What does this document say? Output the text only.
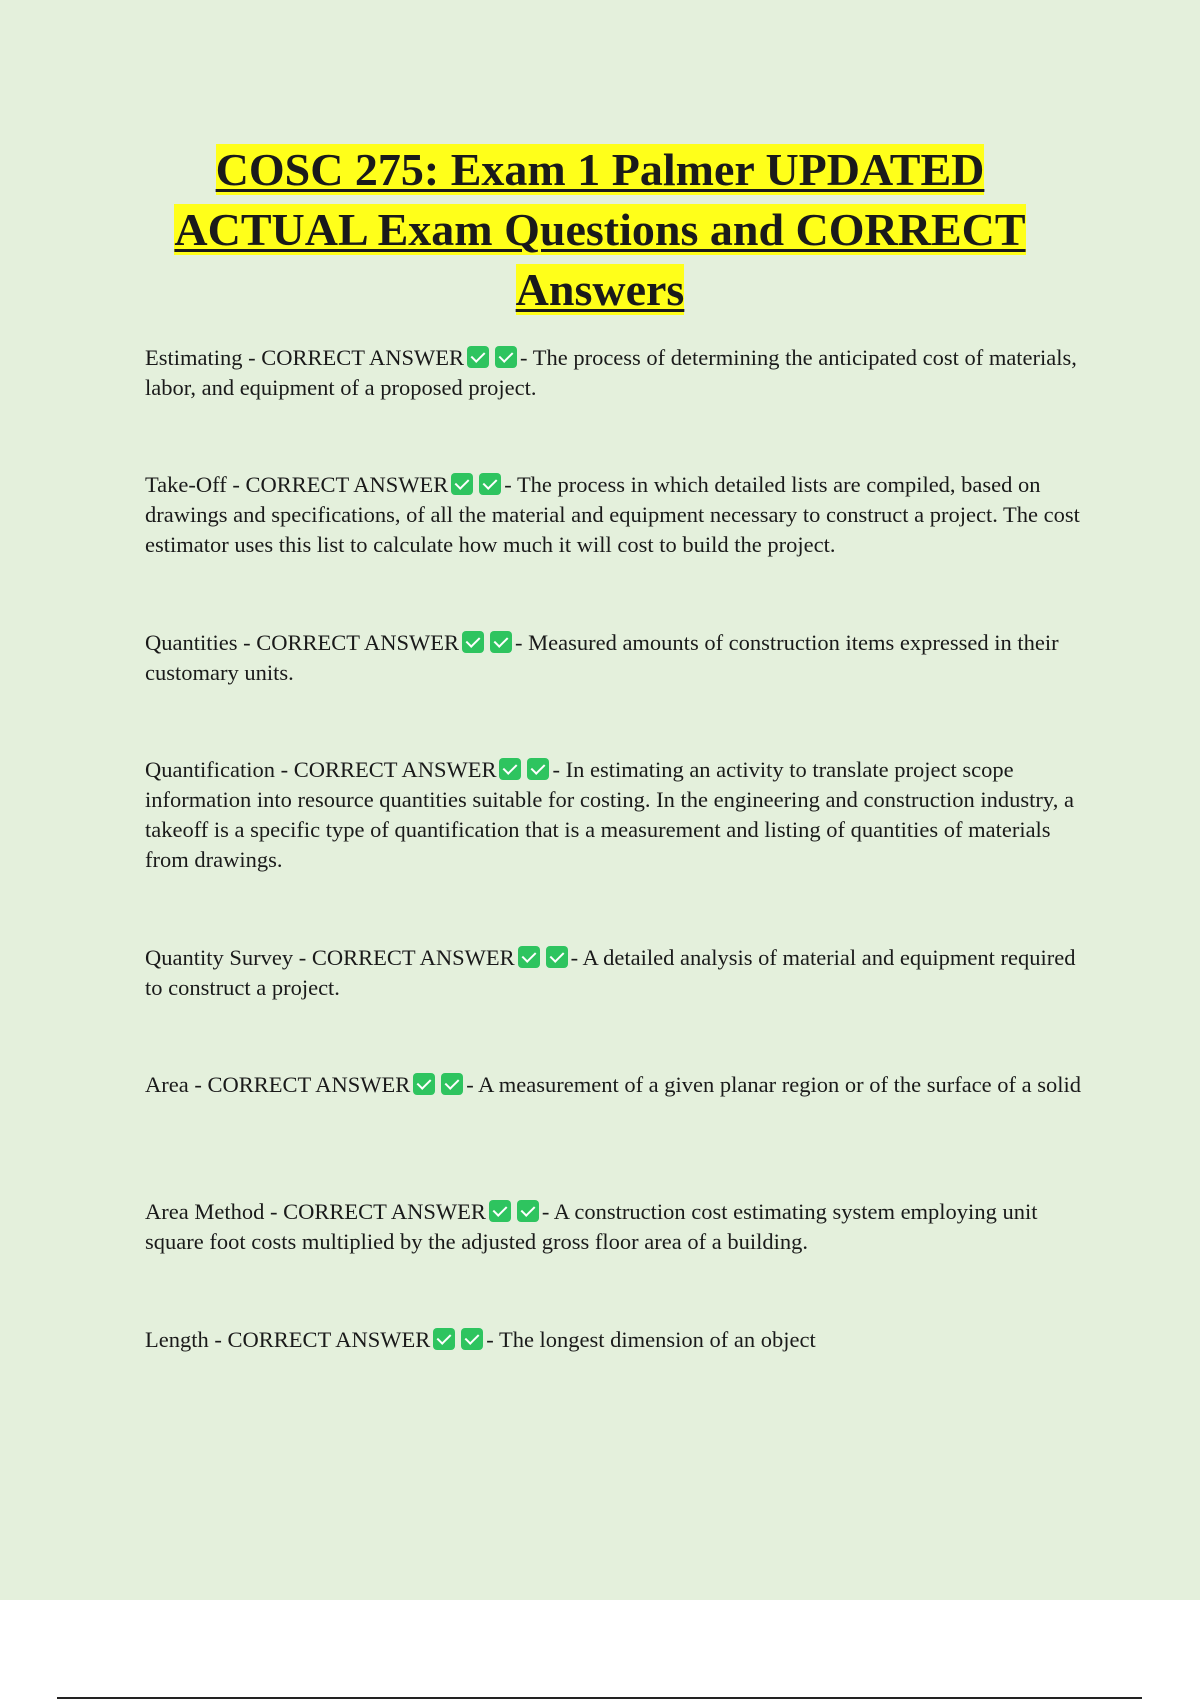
COSC 275: Exam 1 Palmer UPDATED
ACTUAL Exam Questions and CORRECT
Answers

Estimating - CORRECT ANSWER - The process of determining the anticipated cost of materials, labor, and equipment of a proposed project.

Take-Off - CORRECT ANSWER - The process in which detailed lists are compiled, based on drawings and specifications, of all the material and equipment necessary to construct a project. The cost estimator uses this list to calculate how much it will cost to build the project.

Quantities - CORRECT ANSWER - Measured amounts of construction items expressed in their customary units.

Quantification - CORRECT ANSWER - In estimating an activity to translate project scope information into resource quantities suitable for costing. In the engineering and construction industry, a takeoff is a specific type of quantification that is a measurement and listing of quantities of materials from drawings.

Quantity Survey - CORRECT ANSWER - A detailed analysis of material and equipment required to construct a project.

Area - CORRECT ANSWER - A measurement of a given planar region or of the surface of a solid

Area Method - CORRECT ANSWER - A construction cost estimating system employing unit square foot costs multiplied by the adjusted gross floor area of a building.

Length - CORRECT ANSWER - The longest dimension of an object
